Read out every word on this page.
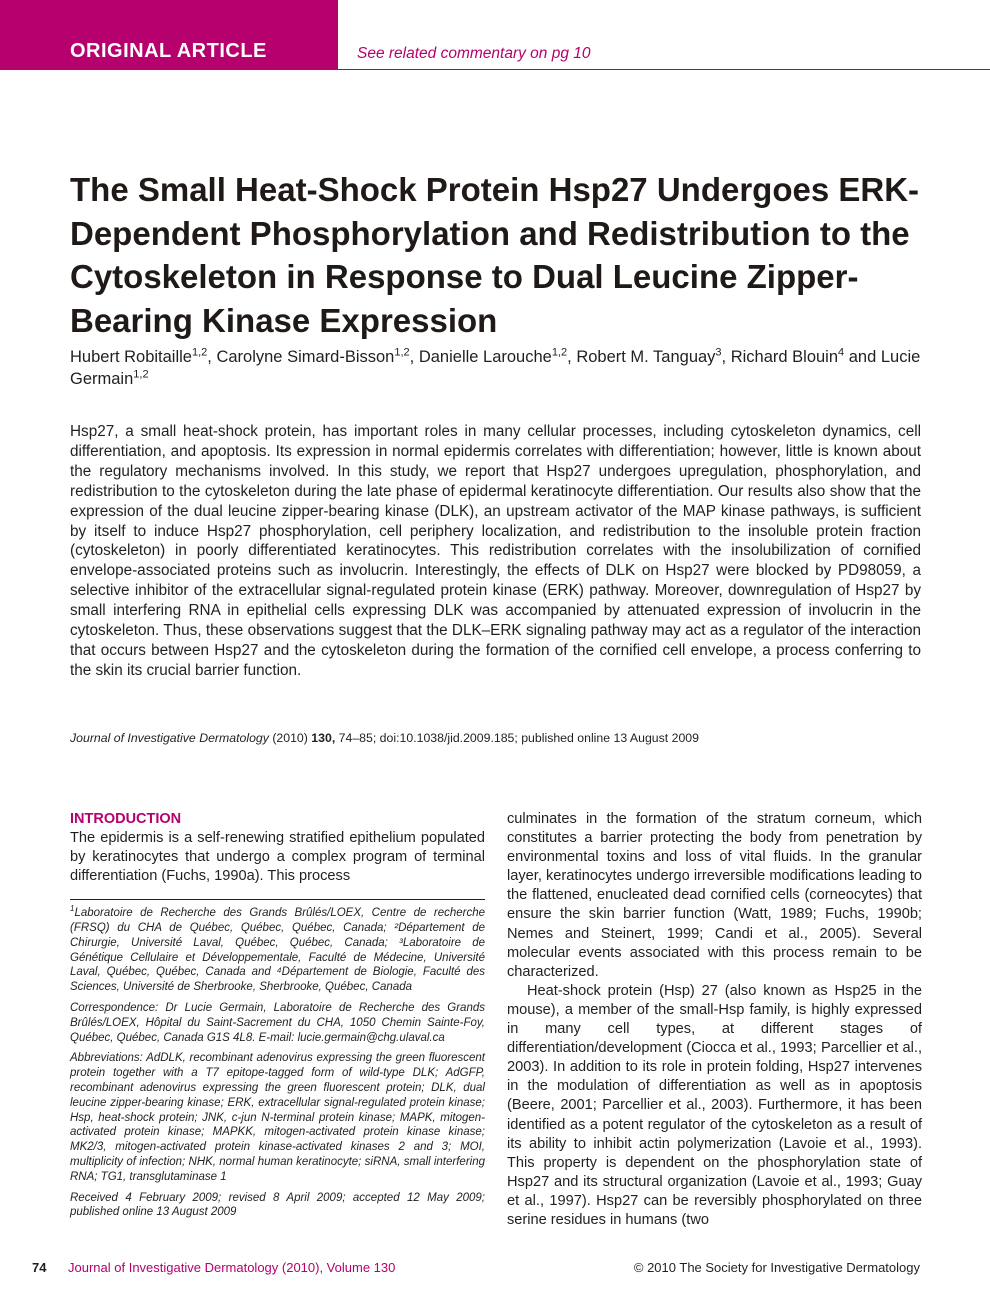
ORIGINAL ARTICLE	See related commentary on pg 10
The Small Heat-Shock Protein Hsp27 Undergoes ERK-Dependent Phosphorylation and Redistribution to the Cytoskeleton in Response to Dual Leucine Zipper-Bearing Kinase Expression
Hubert Robitaille$^{1,2}$, Carolyne Simard-Bisson$^{1,2}$, Danielle Larouche$^{1,2}$, Robert M. Tanguay$^3$, Richard Blouin$^4$ and Lucie Germain$^{1,2}$

Hsp27, a small heat-shock protein, has important roles in many cellular processes, including cytoskeleton dynamics, cell differentiation, and apoptosis. Its expression in normal epidermis correlates with differentiation; however, little is known about the regulatory mechanisms involved. In this study, we report that Hsp27 undergoes upregulation, phosphorylation, and redistribution to the cytoskeleton during the late phase of epidermal keratinocyte differentiation. Our results also show that the expression of the dual leucine zipper-bearing kinase (DLK), an upstream activator of the MAP kinase pathways, is sufficient by itself to induce Hsp27 phosphorylation, cell periphery localization, and redistribution to the insoluble protein fraction (cytoskeleton) in poorly differentiated keratinocytes. This redistribution correlates with the insolubilization of cornified envelope-associated proteins such as involucrin. Interestingly, the effects of DLK on Hsp27 were blocked by PD98059, a selective inhibitor of the extracellular signal-regulated protein kinase (ERK) pathway. Moreover, downregulation of Hsp27 by small interfering RNA in epithelial cells expressing DLK was accompanied by attenuated expression of involucrin in the cytoskeleton. Thus, these observations suggest that the DLK–ERK signaling pathway may act as a regulator of the interaction that occurs between Hsp27 and the cytoskeleton during the formation of the cornified cell envelope, a process conferring to the skin its crucial barrier function.

Journal of Investigative Dermatology (2010) 130, 74–85; doi:10.1038/jid.2009.185; published online 13 August 2009
INTRODUCTION

The epidermis is a self-renewing stratified epithelium populated by keratinocytes that undergo a complex program of terminal differentiation (Fuchs, 1990a). This process

$^1$Laboratoire de Recherche des Grands Brûlés/LOEX, Centre de recherche (FRSQ) du CHA de Québec, Québec, Québec, Canada; ²Département de Chirurgie, Université Laval, Québec, Québec, Canada; ³Laboratoire de Génétique Cellulaire et Développementale, Faculté de Médecine, Université Laval, Québec, Québec, Canada and ⁴Département de Biologie, Faculté des Sciences, Université de Sherbrooke, Sherbrooke, Québec, Canada

Correspondence: Dr Lucie Germain, Laboratoire de Recherche des Grands Brûlés/LOEX, Hôpital du Saint-Sacrement du CHA, 1050 Chemin Sainte-Foy, Québec, Québec, Canada G1S 4L8. E-mail: lucie.germain@chg.ulaval.ca

Abbreviations: AdDLK, recombinant adenovirus expressing the green fluorescent protein together with a T7 epitope-tagged form of wild-type DLK; AdGFP, recombinant adenovirus expressing the green fluorescent protein; DLK, dual leucine zipper-bearing kinase; ERK, extracellular signal-regulated protein kinase; Hsp, heat-shock protein; JNK, c-jun N-terminal protein kinase; MAPK, mitogen-activated protein kinase; MAPKK, mitogen-activated protein kinase kinase; MK2/3, mitogen-activated protein kinase-activated kinases 2 and 3; MOI, multiplicity of infection; NHK, normal human keratinocyte; siRNA, small interfering RNA; TG1, transglutaminase 1

Received 4 February 2009; revised 8 April 2009; accepted 12 May 2009; published online 13 August 2009

culminates in the formation of the stratum corneum, which constitutes a barrier protecting the body from penetration by environmental toxins and loss of vital fluids. In the granular layer, keratinocytes undergo irreversible modifications leading to the flattened, enucleated dead cornified cells (corneocytes) that ensure the skin barrier function (Watt, 1989; Fuchs, 1990b; Nemes and Steinert, 1999; Candi et al., 2005). Several molecular events associated with this process remain to be characterized.

Heat-shock protein (Hsp) 27 (also known as Hsp25 in the mouse), a member of the small-Hsp family, is highly expressed in many cell types, at different stages of differentiation/development (Ciocca et al., 1993; Parcellier et al., 2003). In addition to its role in protein folding, Hsp27 intervenes in the modulation of differentiation as well as in apoptosis (Beere, 2001; Parcellier et al., 2003). Furthermore, it has been identified as a potent regulator of the cytoskeleton as a result of its ability to inhibit actin polymerization (Lavoie et al., 1993). This property is dependent on the phosphorylation state of Hsp27 and its structural organization (Lavoie et al., 1993; Guay et al., 1997). Hsp27 can be reversibly phosphorylated on three serine residues in humans (two

74 Journal of Investigative Dermatology (2010), Volume 130	© 2010 The Society for Investigative Dermatology
